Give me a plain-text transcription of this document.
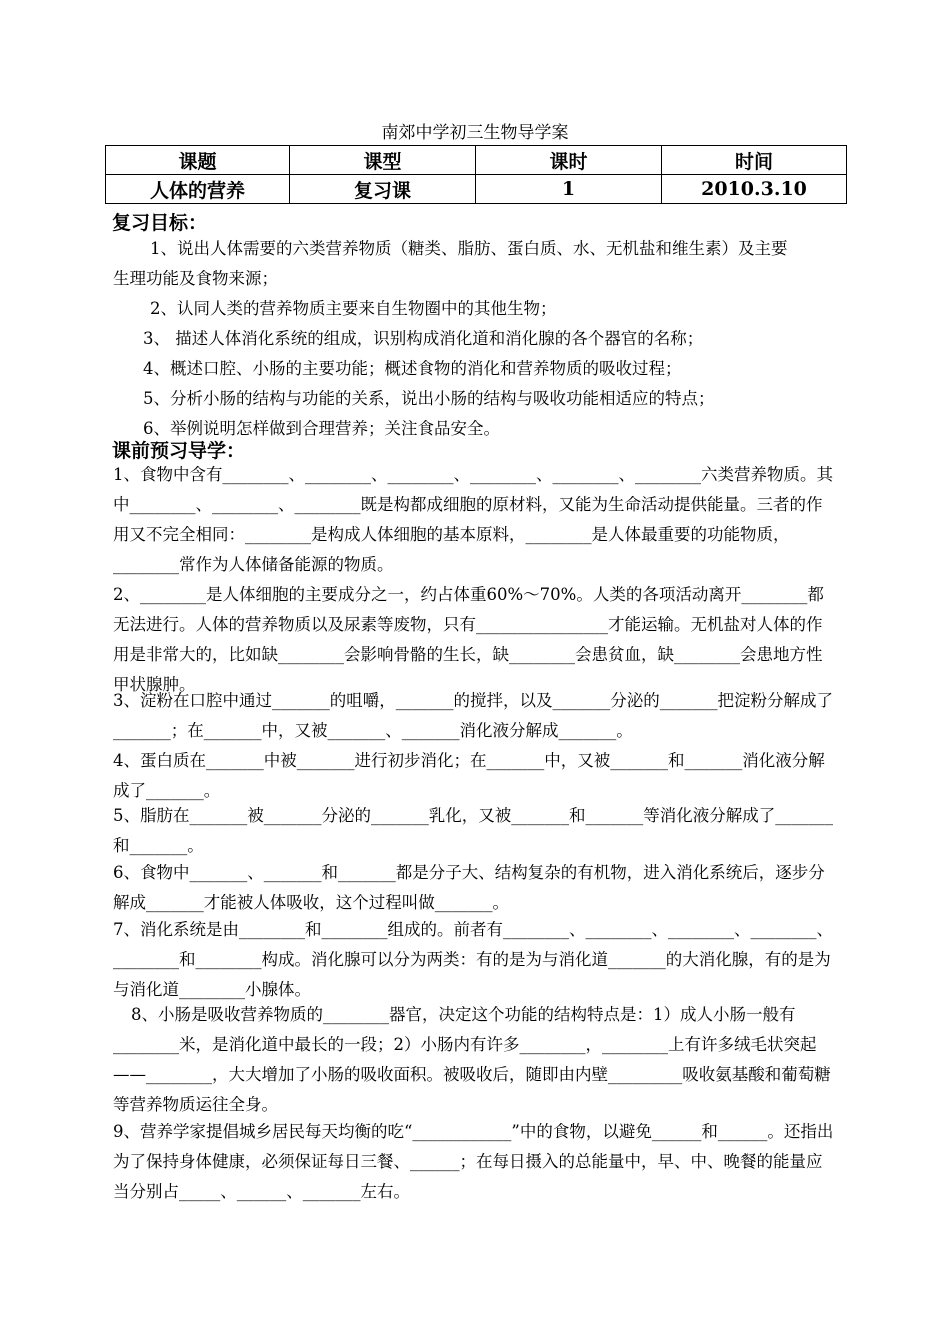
南郊中学初三生物导学案
课题	课型	课时	时间
人体的营养	复习课	1	2010.3.10
复习目标：
1、说出人体需要的六类营养物质（糖类、脂肪、蛋白质、水、无机盐和维生素）及主要
生理功能及食物来源；
2、认同人类的营养物质主要来自生物圈中的其他生物；
3、 描述人体消化系统的组成，识别构成消化道和消化腺的各个器官的名称；
4、概述口腔、小肠的主要功能；概述食物的消化和营养物质的吸收过程；
5、分析小肠的结构与功能的关系，说出小肠的结构与吸收功能相适应的特点；
6、举例说明怎样做到合理营养；关注食品安全。
课前预习导学：
1、食物中含有________、________、________、________、________、________六类营养物质。其中________、________、________既是构都成细胞的原材料，又能为生命活动提供能量。三者的作用又不完全相同：________是构成人体细胞的基本原料，________是人体最重要的功能物质，________常作为人体储备能源的物质。
2、________是人体细胞的主要成分之一，约占体重60%～70%。人类的各项活动离开________都无法进行。人体的营养物质以及尿素等废物，只有________________才能运输。无机盐对人体的作用是非常大的，比如缺________会影响骨骼的生长，缺________会患贫血，缺________会患地方性甲状腺肿。
3、淀粉在口腔中通过_______的咀嚼，_______的搅拌，以及_______分泌的_______把淀粉分解成了_______；在_______中，又被_______、_______消化液分解成_______。
4、蛋白质在_______中被_______进行初步消化；在_______中，又被_______和_______消化液分解成了_______。
5、脂肪在_______被_______分泌的_______乳化，又被_______和_______等消化液分解成了_______和_______。
6、食物中_______、_______和_______都是分子大、结构复杂的有机物，进入消化系统后，逐步分解成_______才能被人体吸收，这个过程叫做_______。
7、消化系统是由________和________组成的。前者有________、________、________、________、________和________构成。消化腺可以分为两类：有的是为与消化道_______的大消化腺，有的是为与消化道________小腺体。
8、小肠是吸收营养物质的________器官，决定这个功能的结构特点是：1）成人小肠一般有________米，是消化道中最长的一段；2）小肠内有许多________，________上有许多绒毛状突起——________，大大增加了小肠的吸收面积。被吸收后，随即由内壁_________吸收氨基酸和葡萄糖等营养物质运往全身。
9、营养学家提倡城乡居民每天均衡的吃“____________”中的食物，以避免______和______。还指出为了保持身体健康，必须保证每日三餐、______；在每日摄入的总能量中，早、中、晚餐的能量应当分别占_____、______、_______左右。
